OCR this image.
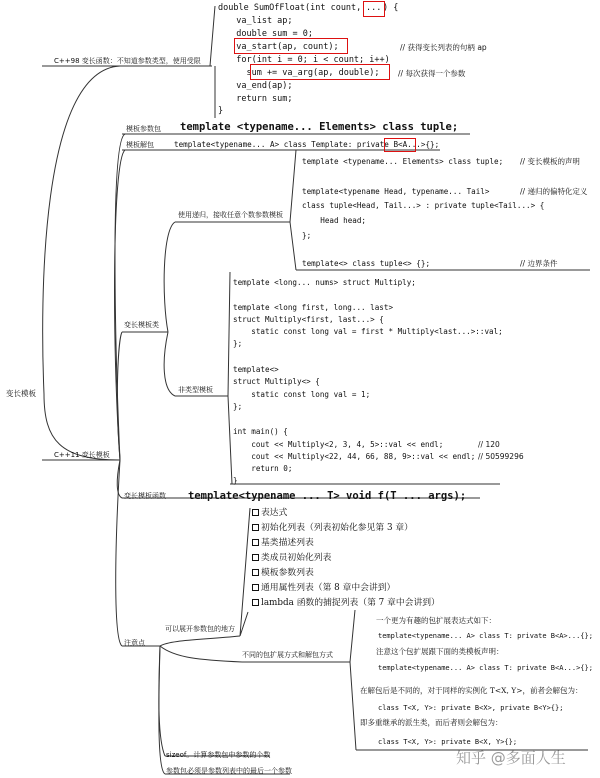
变长模板
C++98 变长函数：不知道参数类型，使用受限
double SumOfFloat(int count, ... ) {
va_list ap;
double sum = 0;
va_start(ap, count);	// 获得变长列表的句柄 ap
for(int i = 0; i < count; i++)
sum += va_arg(ap, double); // 每次获得一个参数
va_end(ap);
return sum;
}
C++11 变长模板
模板参数包 template <typename... Elements> class tuple;
模板解包	template<typename... A> class Template: private B<A...>{};
变长模板类
使用递归，接收任意个数参数模板
template <typename... Elements> class tuple; // 变长模板的声明
template<typename Head, typename... Tail>	// 递归的偏特化定义
class tuple<Head, Tail...> : private tuple<Tail...> {
Head head;
};
template<> class tuple<> {};	// 边界条件
非类型模板
template <long... nums> struct Multiply;
template <long first, long... last>
struct Multiply<first, last...> {
static const long val = first * Multiply<last...>::val;
};
template<>
struct Multiply<> {
static const long val = 1;
};
int main() {
cout << Multiply<2, 3, 4, 5>::val << endl;	// 120
cout << Multiply<22, 44, 66, 88, 9>::val << endl; // 50599296
return 0;
}
变长模板函数 template<typename ... T> void f(T ... args);
注意点
可以展开参数包的地方
表达式
初始化列表（列表初始化参见第 3 章）
基类描述列表
类成员初始化列表
模板参数列表
通用属性列表（第 8 章中会讲到）
lambda 函数的捕捉列表（第 7 章中会讲到）
不同的包扩展方式和解包方式
一个更为有趣的包扩展表达式如下：
template<typename... A> class T: private B<A>...{};
注意这个包扩展跟下面的类模板声明：
template<typename... A> class T: private B<A...>{};
在解包后是不同的，对于同样的实例化 T<X, Y>，前者会解包为：
class T<X, Y>: private B<X>, private B<Y>{};
即多重继承的派生类，而后者则会解包为：
class T<X, Y>: private B<X, Y>{};
sizeof。计算参数包中参数的个数
参数包必须是参数列表中的最后一个参数
知乎 @多面人生
